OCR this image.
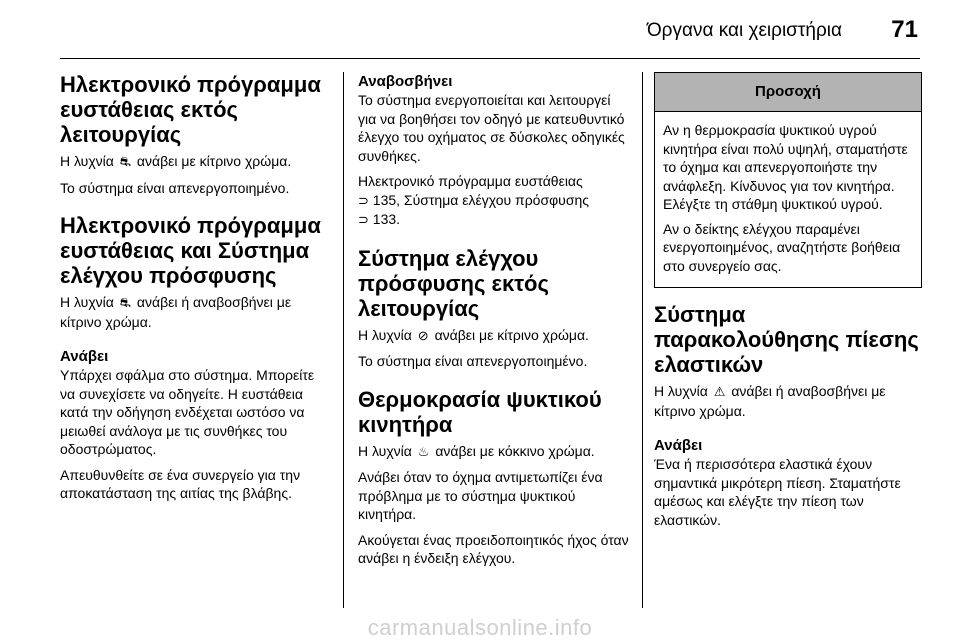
Όργανα και χειριστήρια 71
Ηλεκτρονικό πρόγραμμα ευστάθειας εκτός λειτουργίας

Η λυχνία ⛐ ανάβει με κίτρινο χρώμα.

Το σύστημα είναι απενεργοποιημένο.

Ηλεκτρονικό πρόγραμμα ευστάθειας και Σύστημα ελέγχου πρόσφυσης

Η λυχνία ⛐ ανάβει ή αναβοσβήνει με κίτρινο χρώμα.

Ανάβει

Υπάρχει σφάλμα στο σύστημα. Μπορείτε να συνεχίσετε να οδηγείτε. Η ευστάθεια κατά την οδήγηση ενδέχεται ωστόσο να μειωθεί ανάλογα με τις συνθήκες του οδοστρώματος.

Απευθυνθείτε σε ένα συνεργείο για την αποκατάσταση της αιτίας της βλάβης.

Αναβοσβήνει

Το σύστημα ενεργοποιείται και λειτουργεί για να βοηθήσει τον οδηγό με κατευθυντικό έλεγχο του οχήματος σε δύσκολες οδηγικές συνθήκες.

Ηλεκτρονικό πρόγραμμα ευστάθειας
⊃ 135, Σύστημα ελέγχου πρόσφυσης
⊃ 133.

Σύστημα ελέγχου πρόσφυσης εκτός λειτουργίας

Η λυχνία ⊘ ανάβει με κίτρινο χρώμα.

Το σύστημα είναι απενεργοποιημένο.

Θερμοκρασία ψυκτικού κινητήρα

Η λυχνία ♨ ανάβει με κόκκινο χρώμα.

Ανάβει όταν το όχημα αντιμετωπίζει ένα πρόβλημα με το σύστημα ψυκτικού κινητήρα.

Ακούγεται ένας προειδοποιητικός ήχος όταν ανάβει η ένδειξη ελέγχου.

Προσοχή

Αν η θερμοκρασία ψυκτικού υγρού κινητήρα είναι πολύ υψηλή, σταματήστε το όχημα και απενεργοποιήστε την ανάφλεξη. Κίνδυνος για τον κινητήρα. Ελέγξτε τη στάθμη ψυκτικού υγρού.

Αν ο δείκτης ελέγχου παραμένει ενεργοποιημένος, αναζητήστε βοήθεια στο συνεργείο σας.

Σύστημα παρακολούθησης πίεσης ελαστικών

Η λυχνία ⚠ ανάβει ή αναβοσβήνει με κίτρινο χρώμα.

Ανάβει

Ένα ή περισσότερα ελαστικά έχουν σημαντικά μικρότερη πίεση. Σταματήστε αμέσως και ελέγξτε την πίεση των ελαστικών.

carmanualsonline.info
